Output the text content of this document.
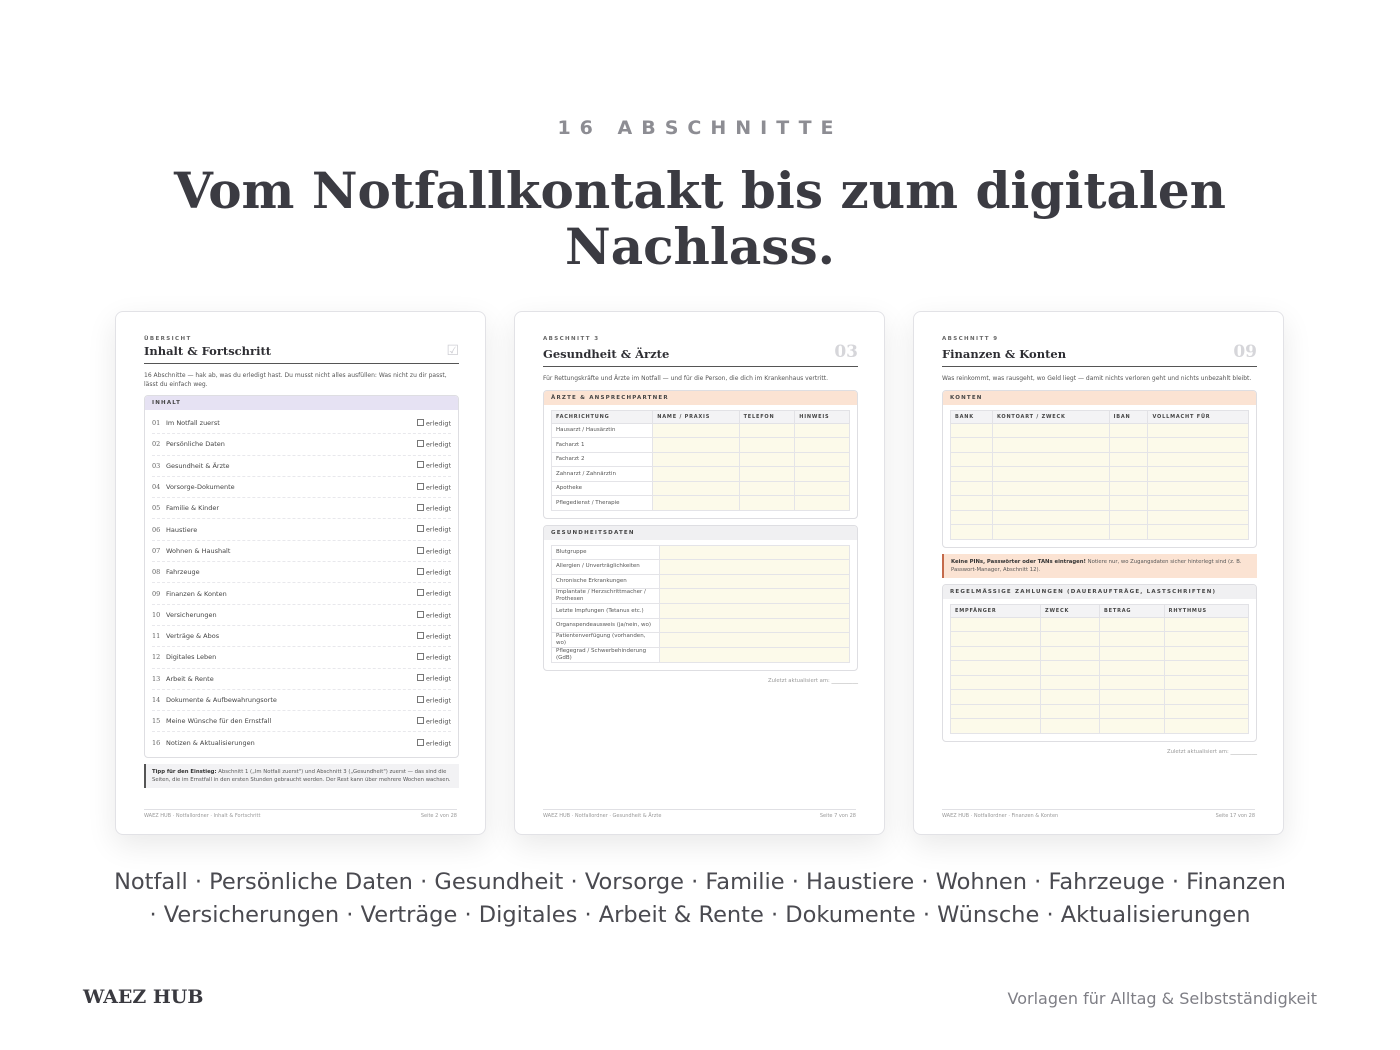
16 ABSCHNITTE
Vom Notfallkontakt bis zum digitalen Nachlass.
ÜBERSICHT
Inhalt & Fortschritt	☑
16 Abschnitte — hak ab, was du erledigt hast. Du musst nicht alles ausfüllen: Was nicht zu dir passt, lässt du einfach weg.
INHALT
01 Im Notfall zuerst	erledigt
02 Persönliche Daten	erledigt
03 Gesundheit & Ärzte	erledigt
04 Vorsorge-Dokumente	erledigt
05 Familie & Kinder	erledigt
06 Haustiere	erledigt
07 Wohnen & Haushalt	erledigt
08 Fahrzeuge	erledigt
09 Finanzen & Konten	erledigt
10 Versicherungen	erledigt
11 Verträge & Abos	erledigt
12 Digitales Leben	erledigt
13 Arbeit & Rente	erledigt
14 Dokumente & Aufbewahrungsorte	erledigt
15 Meine Wünsche für den Ernstfall	erledigt
16 Notizen & Aktualisierungen	erledigt
Tipp für den Einstieg: Abschnitt 1 („Im Notfall zuerst") und Abschnitt 3 („Gesundheit") zuerst — das sind die Seiten, die im Ernstfall in den ersten Stunden gebraucht werden. Der Rest kann über mehrere Wochen wachsen.
WAEZ HUB · Notfallordner · Inhalt & Fortschritt	Seite 2 von 28
ABSCHNITT 3
Gesundheit & Ärzte	03
Für Rettungskräfte und Ärzte im Notfall — und für die Person, die dich im Krankenhaus vertritt.
ÄRZTE & ANSPRECHPARTNER
FACHRICHTUNG	NAME / PRAXIS	TELEFON	HINWEIS
Hausarzt / Hausärztin			
Facharzt 1			
Facharzt 2			
Zahnarzt / Zahnärztin			
Apotheke			
Pflegedienst / Therapie			
GESUNDHEITSDATEN
Blutgruppe	
Allergien / Unverträglichkeiten	
Chronische Erkrankungen	
Implantate / Herzschrittmacher / Prothesen	
Letzte Impfungen (Tetanus etc.)	
Organspendeausweis (ja/nein, wo)	
Patientenverfügung (vorhanden, wo)	
Pflegegrad / Schwerbehinderung (GdB)	
Zuletzt aktualisiert am: __________
WAEZ HUB · Notfallordner · Gesundheit & Ärzte	Seite 7 von 28
ABSCHNITT 9
Finanzen & Konten	09
Was reinkommt, was rausgeht, wo Geld liegt — damit nichts verloren geht und nichts unbezahlt bleibt.
KONTEN
BANK	KONTOART / ZWECK	IBAN	VOLLMACHT FÜR

Keine PINs, Passwörter oder TANs eintragen! Notiere nur, wo Zugangsdaten sicher hinterlegt sind (z. B. Passwort-Manager, Abschnitt 12).
REGELMÄSSIGE ZAHLUNGEN (DAUERAUFTRÄGE, LASTSCHRIFTEN)
EMPFÄNGER	ZWECK	BETRAG	RHYTHMUS

Zuletzt aktualisiert am: __________
WAEZ HUB · Notfallordner · Finanzen & Konten	Seite 17 von 28
Notfall · Persönliche Daten · Gesundheit · Vorsorge · Familie · Haustiere · Wohnen · Fahrzeuge · Finanzen
· Versicherungen · Verträge · Digitales · Arbeit & Rente · Dokumente · Wünsche · Aktualisierungen
WAEZ HUB	Vorlagen für Alltag & Selbstständigkeit
